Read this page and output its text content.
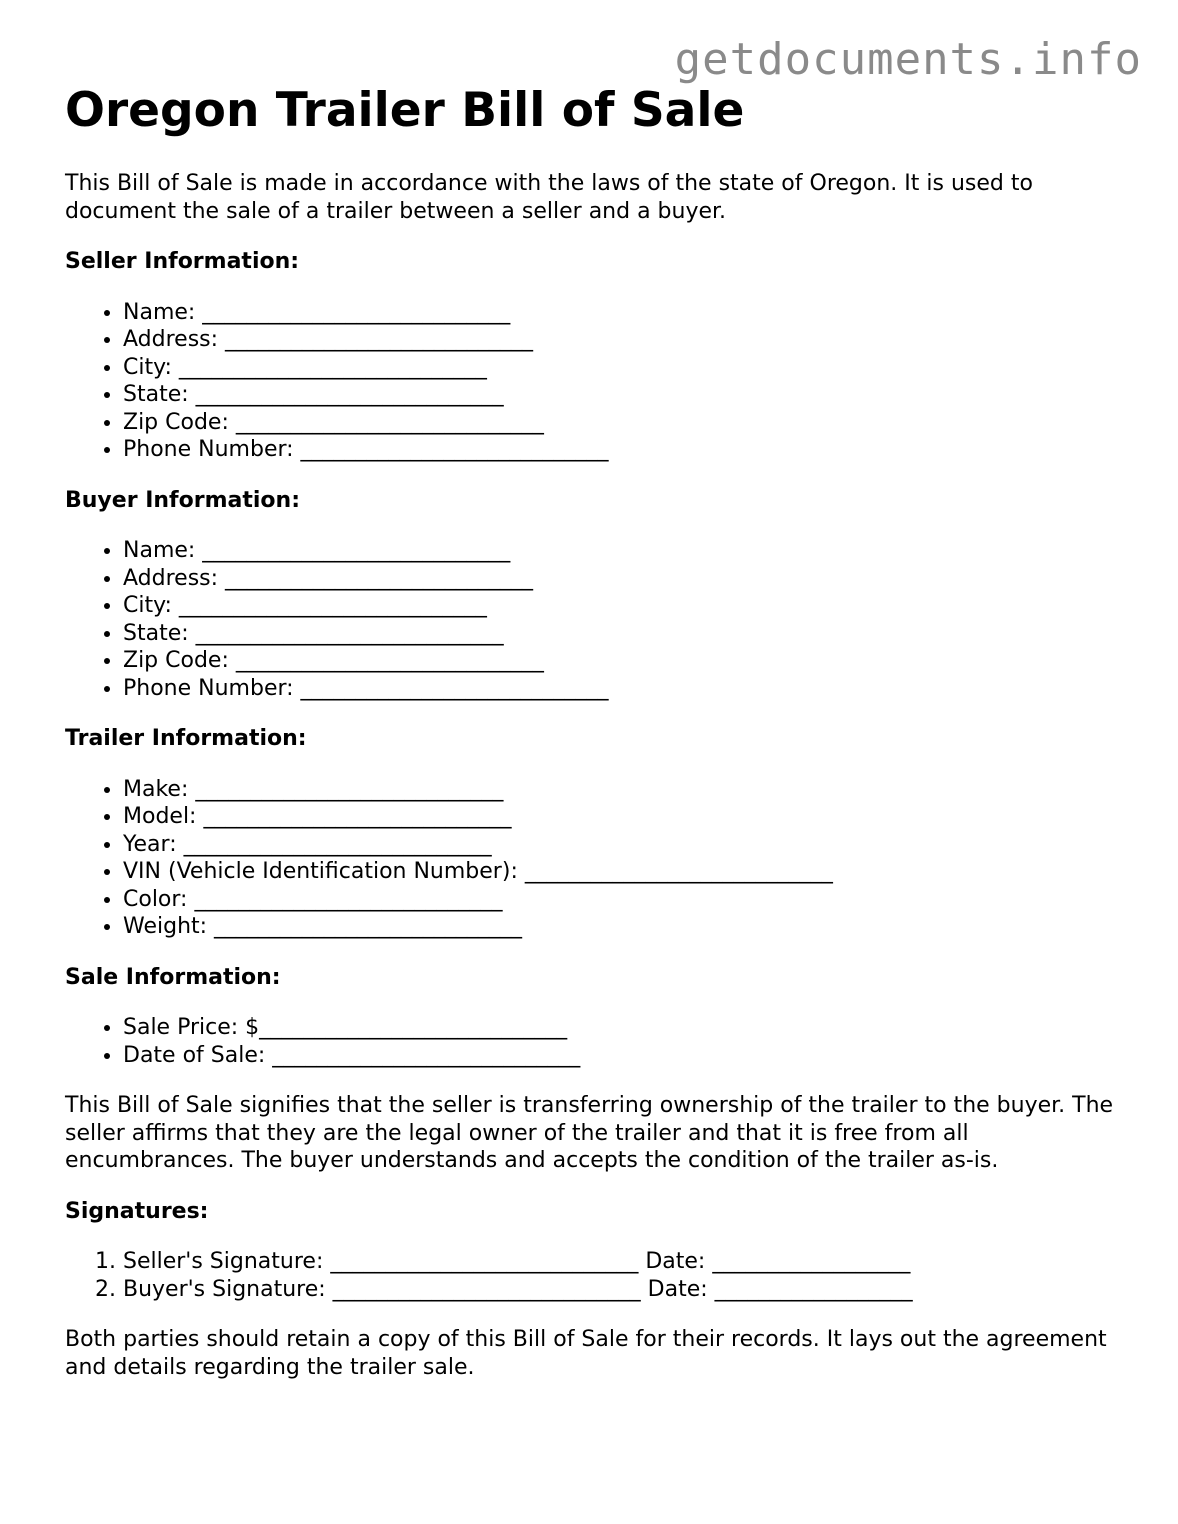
getdocuments.info
Oregon Trailer Bill of Sale

This Bill of Sale is made in accordance with the laws of the state of Oregon. It is used to document the sale of a trailer between a seller and a buyer.

Seller Information:
• Name: ____________________________
• Address: ____________________________
• City: ____________________________
• State: ____________________________
• Zip Code: ____________________________
• Phone Number: ____________________________
Buyer Information:
• Name: ____________________________
• Address: ____________________________
• City: ____________________________
• State: ____________________________
• Zip Code: ____________________________
• Phone Number: ____________________________
Trailer Information:
• Make: ____________________________
• Model: ____________________________
• Year: ____________________________
• VIN (Vehicle Identification Number): ____________________________
• Color: ____________________________
• Weight: ____________________________
Sale Information:
• Sale Price: $____________________________
• Date of Sale: ____________________________

This Bill of Sale signifies that the seller is transferring ownership of the trailer to the buyer. The seller affirms that they are the legal owner of the trailer and that it is free from all encumbrances. The buyer understands and accepts the condition of the trailer as-is.

Signatures:
1. Seller's Signature: ____________________________ Date: __________________
2. Buyer's Signature: ____________________________ Date: __________________

Both parties should retain a copy of this Bill of Sale for their records. It lays out the agreement and details regarding the trailer sale.
